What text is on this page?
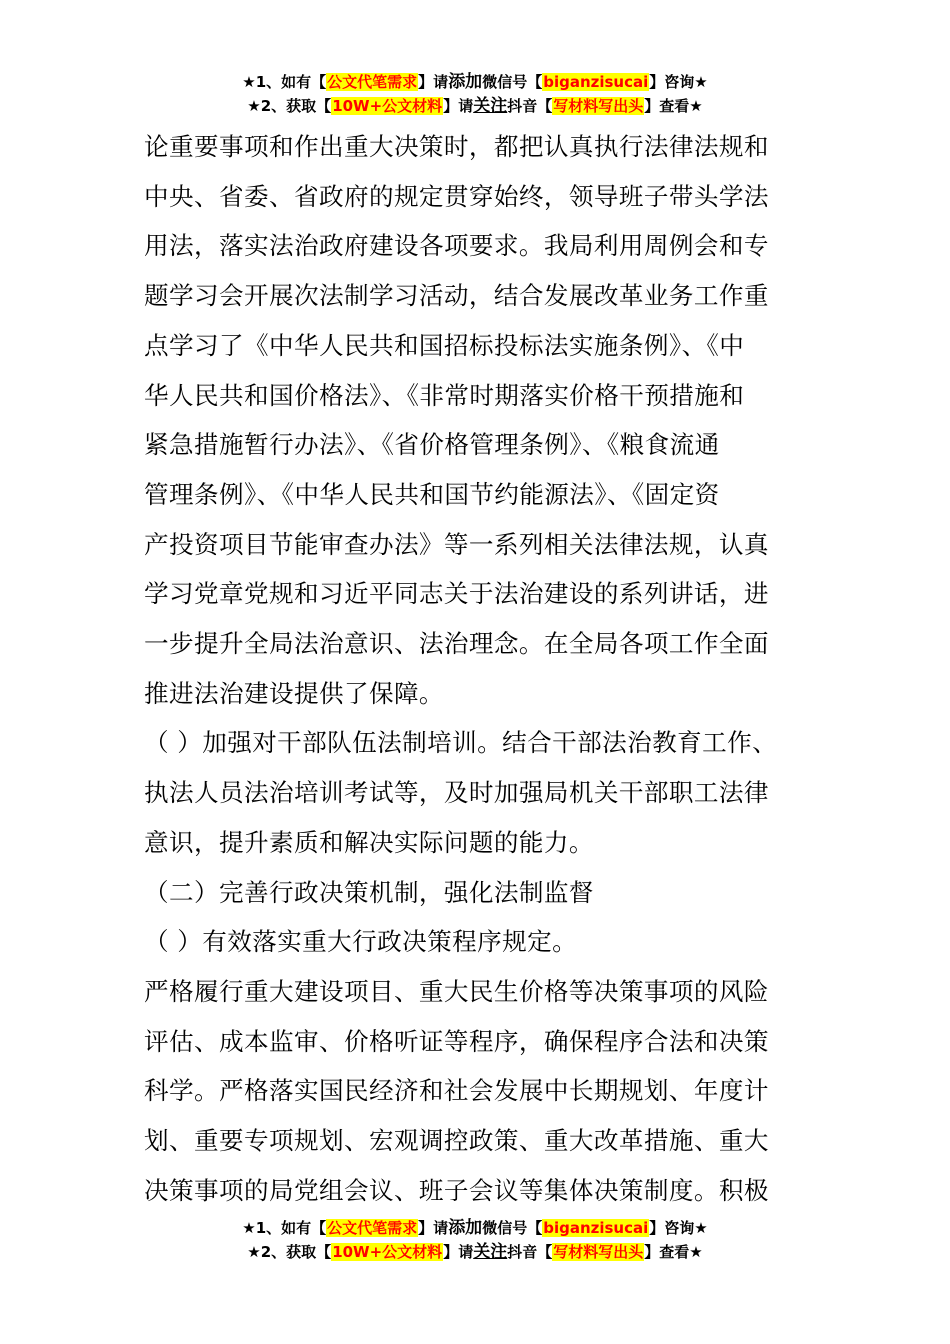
★1、如有【公文代笔需求】请添加微信号【biganzisucai】咨询★
★2、获取【10W+公文材料】请关注抖音【写材料写出头】查看★

论重要事项和作出重大决策时，都把认真执行法律法规和

中央、省委、省政府的规定贯穿始终，领导班子带头学法

用法，落实法治政府建设各项要求。我局利用周例会和专

题学习会开展次法制学习活动，结合发展改革业务工作重

点学习了《中华人民共和国招标投标法实施条例》、《中

华人民共和国价格法》、《非常时期落实价格干预措施和

紧急措施暂行办法》、《省价格管理条例》、《粮食流通

管理条例》、《中华人民共和国节约能源法》、《固定资

产投资项目节能审查办法》等一系列相关法律法规，认真

学习党章党规和习近平同志关于法治建设的系列讲话，进

一步提升全局法治意识、法治理念。在全局各项工作全面

推进法治建设提供了保障。

（ ）加强对干部队伍法制培训。结合干部法治教育工作、

执法人员法治培训考试等，及时加强局机关干部职工法律

意识，提升素质和解决实际问题的能力。

（二）完善行政决策机制，强化法制监督

（ ）有效落实重大行政决策程序规定。

严格履行重大建设项目、重大民生价格等决策事项的风险

评估、成本监审、价格听证等程序，确保程序合法和决策

科学。严格落实国民经济和社会发展中长期规划、年度计

划、重要专项规划、宏观调控政策、重大改革措施、重大

决策事项的局党组会议、班子会议等集体决策制度。积极

★1、如有【公文代笔需求】请添加微信号【biganzisucai】咨询★
★2、获取【10W+公文材料】请关注抖音【写材料写出头】查看★
